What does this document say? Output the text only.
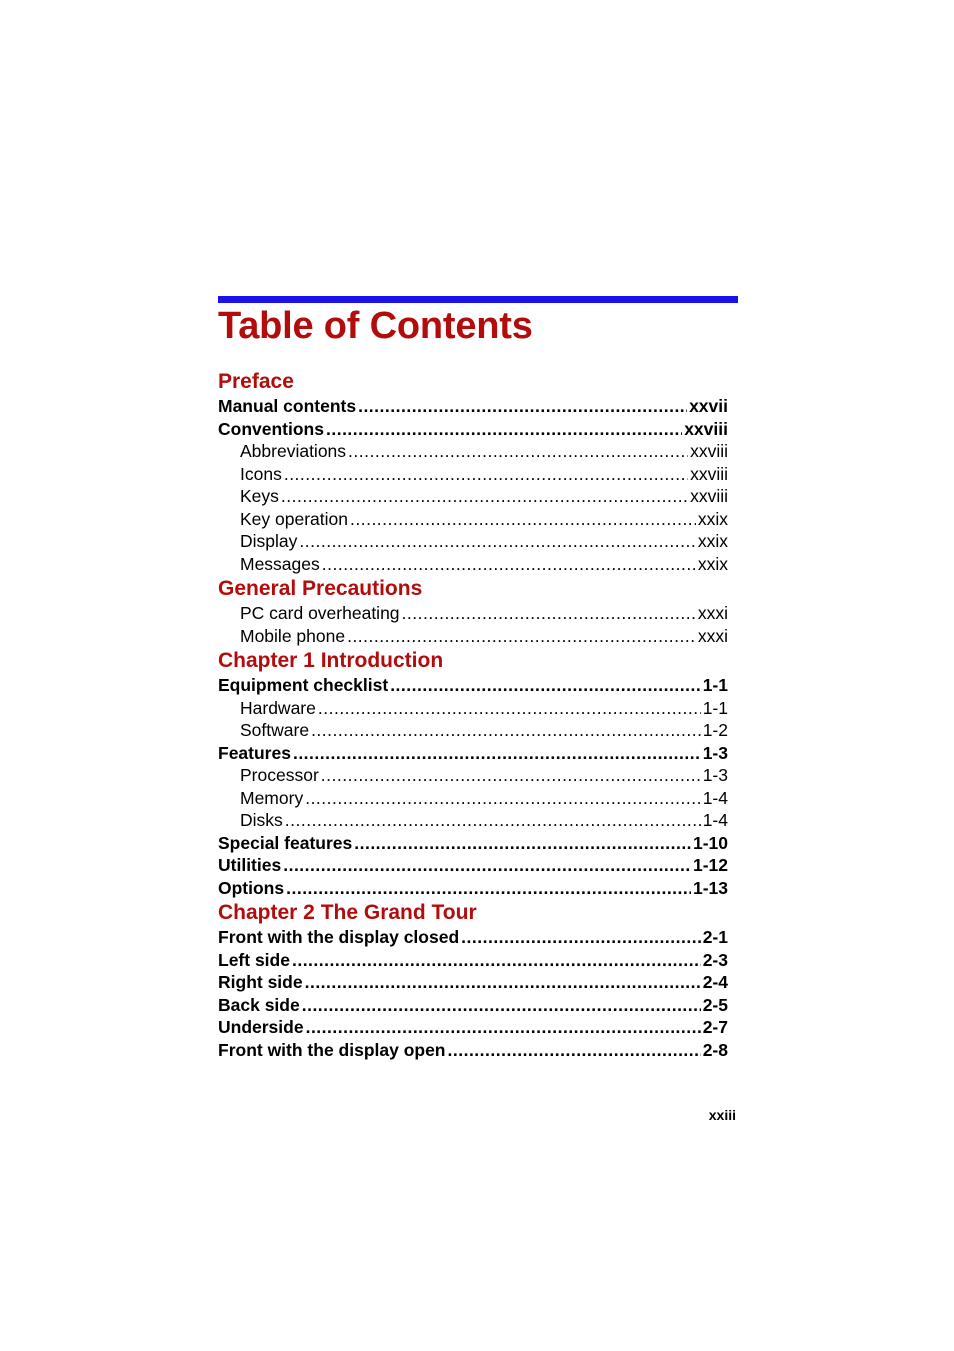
Table of Contents
Preface
Manual contents .....	xxvii
Conventions .....	xxviii
Abbreviations .....	xxviii
Icons .....	xxviii
Keys .....	xxviii
Key operation .....	xxix
Display .....	xxix
Messages .....	xxix
General Precautions
PC card overheating .....	xxxi
Mobile phone .....	xxxi
Chapter 1 Introduction
Equipment checklist .....	1-1
Hardware .....	1-1
Software .....	1-2
Features .....	1-3
Processor .....	1-3
Memory .....	1-4
Disks .....	1-4
Special features .....	1-10
Utilities .....	1-12
Options .....	1-13
Chapter 2 The Grand Tour
Front with the display closed .....	2-1
Left side .....	2-3
Right side .....	2-4
Back side .....	2-5
Underside .....	2-7
Front with the display open .....	2-8
xxiii
